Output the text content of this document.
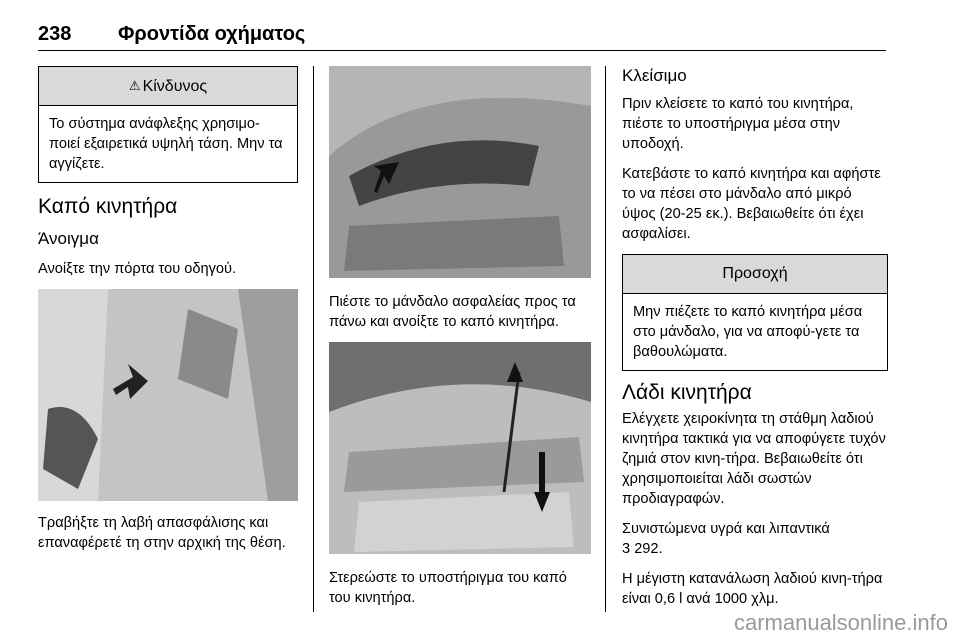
238 Φροντίδα οχήματος
⚠ Κίνδυνος
Το σύστημα ανάφλεξης χρησιμο-ποιεί εξαιρετικά υψηλή τάση. Μην τα αγγίζετε.
Καπό κινητήρα
Άνοιγμα

Ανοίξτε την πόρτα του οδηγού.

Τραβήξτε τη λαβή απασφάλισης και επαναφέρετέ τη στην αρχική της θέση.

Πιέστε το μάνδαλο ασφαλείας προς τα πάνω και ανοίξτε το καπό κινητήρα.

Στερεώστε το υποστήριγμα του καπό του κινητήρα.

Κλείσιμο

Πριν κλείσετε το καπό του κινητήρα, πιέστε το υποστήριγμα μέσα στην υποδοχή.

Κατεβάστε το καπό κινητήρα και αφήστε το να πέσει στο μάνδαλο από μικρό ύψος (20-25 εκ.). Βεβαιωθείτε ότι έχει ασφαλίσει.

Προσοχή
Μην πιέζετε το καπό κινητήρα μέσα στο μάνδαλο, για να αποφύ-γετε τα βαθουλώματα.
Λάδι κινητήρα

Ελέγχετε χειροκίνητα τη στάθμη λαδιού κινητήρα τακτικά για να αποφύγετε τυχόν ζημιά στον κινη-τήρα. Βεβαιωθείτε ότι χρησιμοποιείται λάδι σωστών προδιαγραφών.

Συνιστώμενα υγρά και λιπαντικά

3 292.

Η μέγιστη κατανάλωση λαδιού κινη-τήρα είναι 0,6 l ανά 1000 χλμ.

carmanualsonline.info
